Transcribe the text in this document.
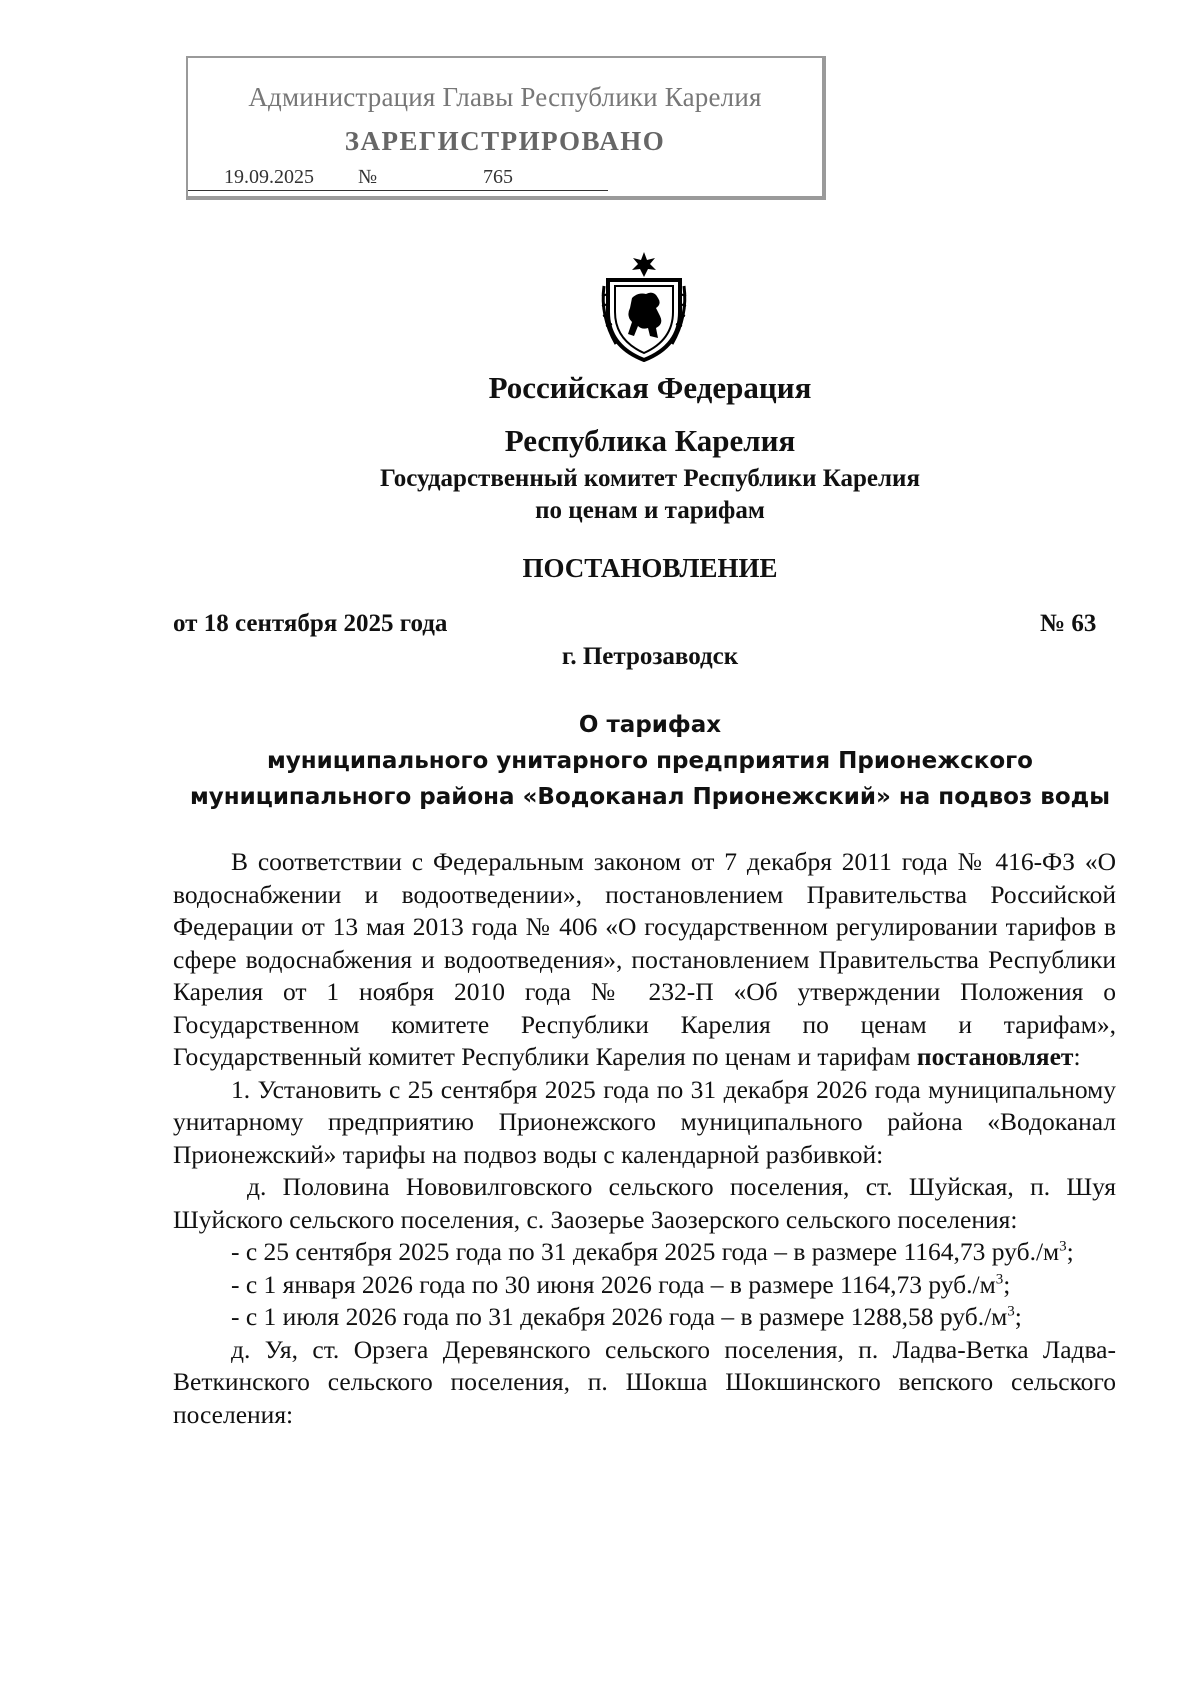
Администрация Главы Республики Карелия
ЗАРЕГИСТРИРОВАНО
19.09.2025 №	765
Российская Федерация
Республика Карелия
Государственный комитет Республики Карелия
по ценам и тарифам
ПОСТАНОВЛЕНИЕ
от 18 сентября 2025 года	№ 63
г. Петрозаводск
О тарифах
муниципального унитарного предприятия Прионежского
муниципального района «Водоканал Прионежский» на подвоз воды

В соответствии с Федеральным законом от 7 декабря 2011 года № 416-ФЗ «О водоснабжении и водоотведении», постановлением Правительства Российской Федерации от 13 мая 2013 года № 406 «О государственном регулировании тарифов в сфере водоснабжения и водоотведения», постановлением Правительства Республики Карелия от 1 ноября 2010 года № 232-П «Об утверждении Положения о Государственном комитете Республики Карелия по ценам и тарифам», Государственный комитет Республики Карелия по ценам и тарифам постановляет:

1. Установить с 25 сентября 2025 года по 31 декабря 2026 года муниципальному унитарному предприятию Прионежского муниципального района «Водоканал Прионежский» тарифы на подвоз воды с календарной разбивкой:

д. Половина Нововилговского сельского поселения, ст. Шуйская, п. Шуя Шуйского сельского поселения, с. Заозерье Заозерского сельского поселения:

- с 25 сентября 2025 года по 31 декабря 2025 года – в размере 1164,73 $руб./м^3$;

- с 1 января 2026 года по 30 июня 2026 года – в размере 1164,73 $руб./м^3$;

- с 1 июля 2026 года по 31 декабря 2026 года – в размере 1288,58 $руб./м^3$;

д. Уя, ст. Орзега Деревянского сельского поселения, п. Ладва-Ветка Ладва-Веткинского сельского поселения, п. Шокша Шокшинского вепского сельского поселения:
